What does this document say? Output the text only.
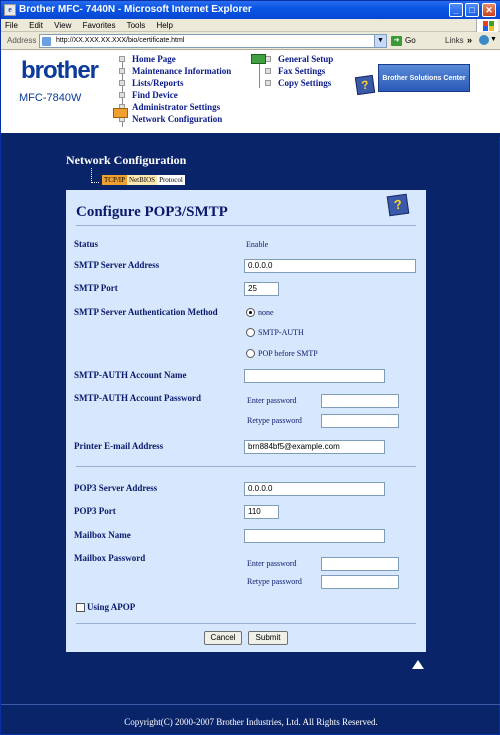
e Brother MFC- 7440N - Microsoft Internet Explorer	_	□	✕
File Edit View Favorites Tools Help
Address	http://XX.XXX.XX.XXX/bio/certificate.html	▼	➜ Go	Links »	▼
brother
MFC-7840W
Home Page
Maintenance Information
Lists/Reports
Find Device
Administrator Settings
Network Configuration
General Setup
Fax Settings
Copy Settings	?	Brother Solutions Center
Network Configuration
TCP/IP NetBIOS Protocol
Configure POP3/SMTP	?
Status	Enable
SMTP Server Address	0.0.0.0
SMTP Port	25
SMTP Server Authentication Method	none
SMTP-AUTH
POP before SMTP
SMTP-AUTH Account Name
SMTP-AUTH Account Password	Enter password
Retype password
Printer E-mail Address	brn884bf5@example.com
POP3 Server Address	0.0.0.0
POP3 Port	110
Mailbox Name
Mailbox Password
Enter password
Retype password
Using APOP
Cancel	Submit
Copyright(C) 2000-2007 Brother Industries, Ltd. All Rights Reserved.
